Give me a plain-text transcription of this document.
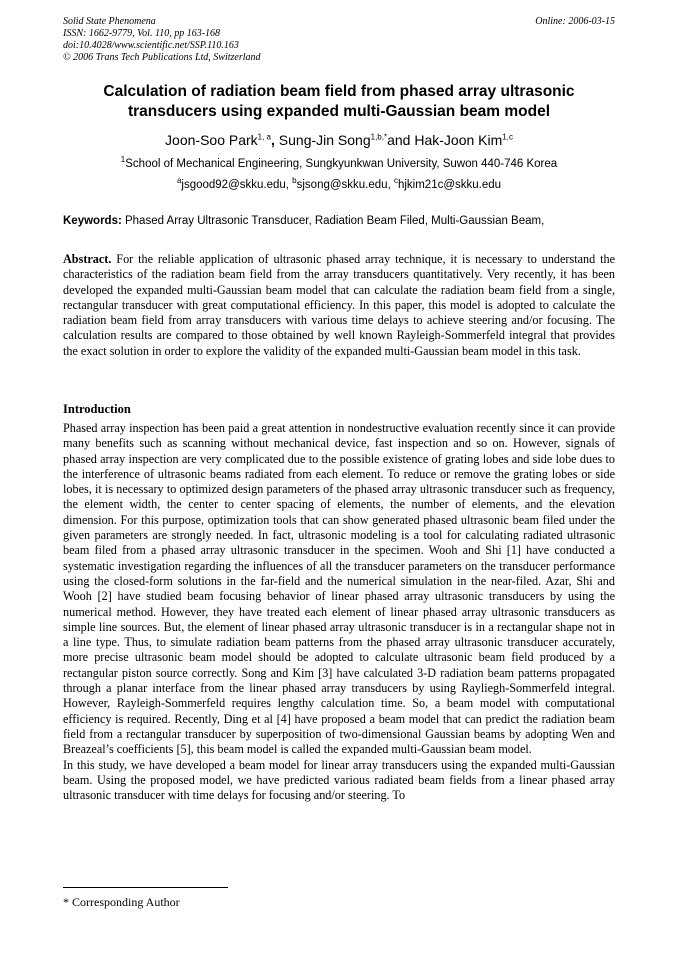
Solid State Phenomena
ISSN: 1662-9779, Vol. 110, pp 163-168
doi:10.4028/www.scientific.net/SSP.110.163
© 2006 Trans Tech Publications Ltd, Switzerland
Online: 2006-03-15
Calculation of radiation beam field from phased array ultrasonic transducers using expanded multi-Gaussian beam model
Joon-Soo Park$^{1, a}$, Sung-Jin Song$^{1,b,*}$and Hak-Joon Kim$^{1,c}$
$^1$School of Mechanical Engineering, Sungkyunkwan University, Suwon 440-746 Korea
$^a$jsgood92@skku.edu, $^b$sjsong@skku.edu, $^c$hjkim21c@skku.edu
Keywords: Phased Array Ultrasonic Transducer, Radiation Beam Filed, Multi-Gaussian Beam,
Abstract. For the reliable application of ultrasonic phased array technique, it is necessary to understand the characteristics of the radiation beam field from the array transducers quantitatively. Very recently, it has been developed the expanded multi-Gaussian beam model that can calculate the radiation beam field from a single, rectangular transducer with great computational efficiency. In this paper, this model is adopted to calculate the radiation beam field from array transducers with various time delays to achieve steering and/or focusing. The calculation results are compared to those obtained by well known Rayleigh-Sommerfeld integral that provides the exact solution in order to explore the validity of the expanded multi-Gaussian beam model in this task.
Introduction

Phased array inspection has been paid a great attention in nondestructive evaluation recently since it can provide many benefits such as scanning without mechanical device, fast inspection and so on. However, signals of phased array inspection are very complicated due to the possible existence of grating lobes and side lobe dues to the interference of ultrasonic beams radiated from each element. To reduce or remove the grating lobes or side lobes, it is necessary to optimized design parameters of the phased array ultrasonic transducer such as frequency, the element width, the center to center spacing of elements, the number of elements, and the elevation dimension. For this purpose, optimization tools that can show generated phased ultrasonic beam filed under the given parameters are strongly needed. In fact, ultrasonic modeling is a tool for calculating radiated ultrasonic beam filed from a phased array ultrasonic transducer in the specimen. Wooh and Shi [1] have conducted a systematic investigation regarding the influences of all the transducer parameters on the transducer performance using the closed-form solutions in the far-field and the numerical simulation in the near-filed. Azar, Shi and Wooh [2] have studied beam focusing behavior of linear phased array ultrasonic transducers by using the numerical method. However, they have treated each element of linear phased array ultrasonic transducers as simple line sources. But, the element of linear phased array ultrasonic transducer is in a rectangular shape not in a line type. Thus, to simulate radiation beam patterns from the phased array ultrasonic transducer accurately, more precise ultrasonic beam model should be adopted to calculate ultrasonic beam field produced by a rectangular piston source correctly. Song and Kim [3] have calculated 3-D radiation beam patterns propagated through a planar interface from the linear phased array transducers by using Rayliegh-Sommerfeld integral. However, Rayleigh-Sommerfeld requires lengthy calculation time. So, a beam model with computational efficiency is required. Recently, Ding et al [4] have proposed a beam model that can predict the radiation beam field from a rectangular transducer by superposition of two-dimensional Gaussian beams by adopting Wen and Breazeal’s coefficients [5], this beam model is called the expanded multi-Gaussian beam model.

In this study, we have developed a beam model for linear array transducers using the expanded multi-Gaussian beam. Using the proposed model, we have predicted various radiated beam fields from a linear phased array ultrasonic transducer with time delays for focusing and/or steering. To

* Corresponding Author
